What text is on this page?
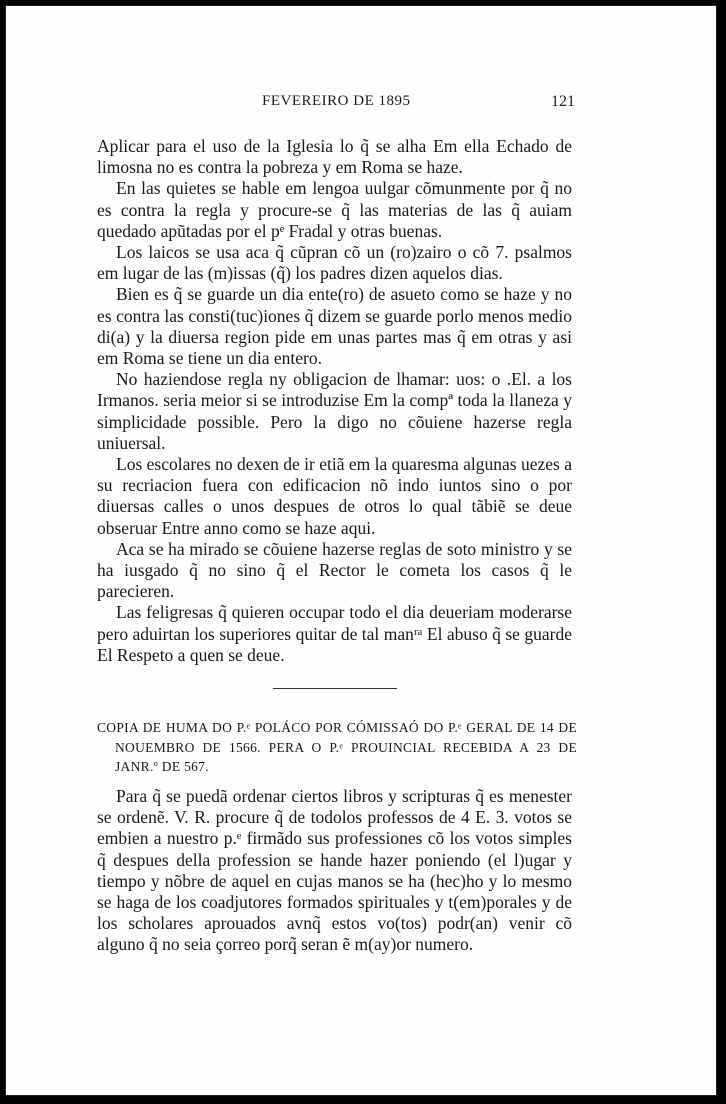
FEVEREIRO DE 1895	121

Aplicar para el uso de la Iglesia lo q̃ se alha Em ella Echado de limosna no es contra la pobreza y em Roma se haze.

En las quietes se hable em lengoa uulgar cõmunmente por q̃ no es contra la regla y procure-se q̃ las materias de las q̃ auiam quedado apũtadas por el pᵉ Fradal y otras buenas.

Los laicos se usa aca q̃ cũpran cõ un (ro)zairo o cõ 7. psalmos em lugar de las (m)issas (q̃) los padres dizen aquelos dias.

Bien es q̃ se guarde un dia ente(ro) de asueto como se haze y no es contra las consti(tuc)iones q̃ dizem se guarde porlo menos medio di(a) y la diuersa region pide em unas partes mas q̃ em otras y asi em Roma se tiene un dia entero.

No haziendose regla ny obligacion de lhamar: uos: o .El. a los Irmanos. seria meior si se introduzise Em la compª toda la llaneza y simplicidade possible. Pero la digo no cõuiene hazerse regla uniuersal.

Los escolares no dexen de ir etiã em la quaresma algunas uezes a su recriacion fuera con edificacion nõ indo iuntos sino o por diuersas calles o unos despues de otros lo qual tãbiẽ se deue obseruar Entre anno como se haze aqui.

Aca se ha mirado se cõuiene hazerse reglas de soto ministro y se ha iusgado q̃ no sino q̃ el Rector le cometa los casos q̃ le parecieren.

Las feligresas q̃ quieren occupar todo el dia deueriam moderarse pero aduirtan los superiores quitar de tal manʳᵃ El abuso q̃ se guarde El Respeto a quen se deue.

COPIA DE HUMA DO P.ᵉ POLÁCO POR CÓMISSAÓ DO P.ᵉ GERAL DE 14 DE NOUEMBRO DE 1566. PERA O P.ᵉ PROUINCIAL RECEBIDA A 23 DE JANR.º DE 567.

Para q̃ se puedã ordenar ciertos libros y scripturas q̃ es menester se ordenẽ. V. R. procure q̃ de todolos professos de 4 E. 3. votos se embien a nuestro p.ᵉ firmãdo sus professiones cõ los votos simples q̃ despues della profession se hande hazer poniendo (el l)ugar y tiempo y nõbre de aquel en cujas manos se ha (hec)ho y lo mesmo se haga de los coadjutores formados spirituales y t(em)porales y de los scholares aprouados avnq̃ estos vo(tos) podr(an) venir cõ alguno q̃ no seia çorreo porq̃ seran ẽ m(ay)or numero.
